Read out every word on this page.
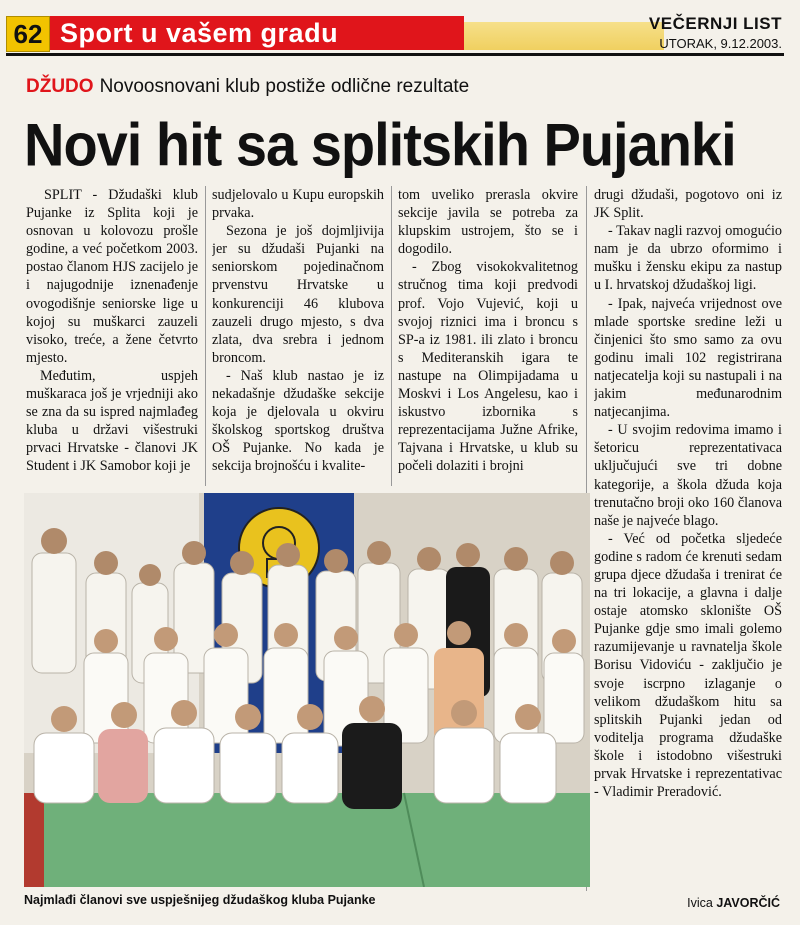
62 Sport u vašem gradu	VEČERNJI LIST
UTORAK, 9.12.2003.
DŽUDO Novoosnovani klub postiže odlične rezultate
Novi hit sa splitskih Pujanki

SPLIT - Džudaški klub Pujanke iz Splita koji je osnovan u kolovozu prošle godine, a već početkom 2003. postao članom HJS zacijelo je i najugodnije iznenađenje ovogodišnje seniorske lige u kojoj su muškarci zauzeli visoko, treće, a žene četvrto mjesto.

Međutim, uspjeh muškaraca još je vrjedniji ako se zna da su ispred najmlađeg kluba u državi višestruki prvaci Hrvatske - članovi JK Student i JK Samobor koji je

sudjelovalo u Kupu europskih prvaka.

Sezona je još dojmljivija jer su džudaši Pujanki na seniorskom pojedinačnom prvenstvu Hrvatske u konkurenciji 46 klubova zauzeli drugo mjesto, s dva zlata, dva srebra i jednom broncom.

- Naš klub nastao je iz nekadašnje džudaške sekcije koja je djelovala u okviru školskog sportskog društva OŠ Pujanke. No kada je sekcija brojnošću i kvalite-

tom uveliko prerasla okvire sekcije javila se potreba za klupskim ustrojem, što se i dogodilo.

- Zbog visokokvalitetnog stručnog tima koji predvodi prof. Vojo Vujević, koji u svojoj riznici ima i broncu s SP-a iz 1981. ili zlato i broncu s Mediteranskih igara te nastupe na Olimpijadama u Moskvi i Los Angelesu, kao i iskustvo izbornika s reprezentacijama Južne Afrike, Tajvana i Hrvatske, u klub su počeli dolaziti i brojni

drugi džudaši, pogotovo oni iz JK Split.

- Takav nagli razvoj omogućio nam je da ubrzo oformimo i mušku i žensku ekipu za nastup u I. hrvatskoj džudaškoj ligi.

- Ipak, najveća vrijednost ove mlade sportske sredine leži u činjenici što smo samo za ovu godinu imali 102 registrirana natjecatelja koji su nastupali i na jakim međunarodnim natjecanjima.

- U svojim redovima imamo i šetoricu reprezentativaca uključujući sve tri dobne kategorije, a škola džuda koja trenutačno broji oko 160 članova naše je najveće blago.

- Već od početka sljedeće godine s radom će krenuti sedam grupa djece džudaša i trenirat će na tri lokacije, a glavna i dalje ostaje atomsko sklonište OŠ Pujanke gdje smo imali golemo razumijevanje u ravnatelja škole Borisu Vidoviću - zaključio je svoje iscrpno izlaganje o velikom džudaškom hitu sa splitskih Pujanki jedan od voditelja programa džudaške škole i istodobno višestruki prvak Hrvatske i reprezentativac - Vladimir Preradović.

Najmlađi članovi sve uspješnijeg džudaškog kluba Pujanke	Ivica JAVORČIĆ
